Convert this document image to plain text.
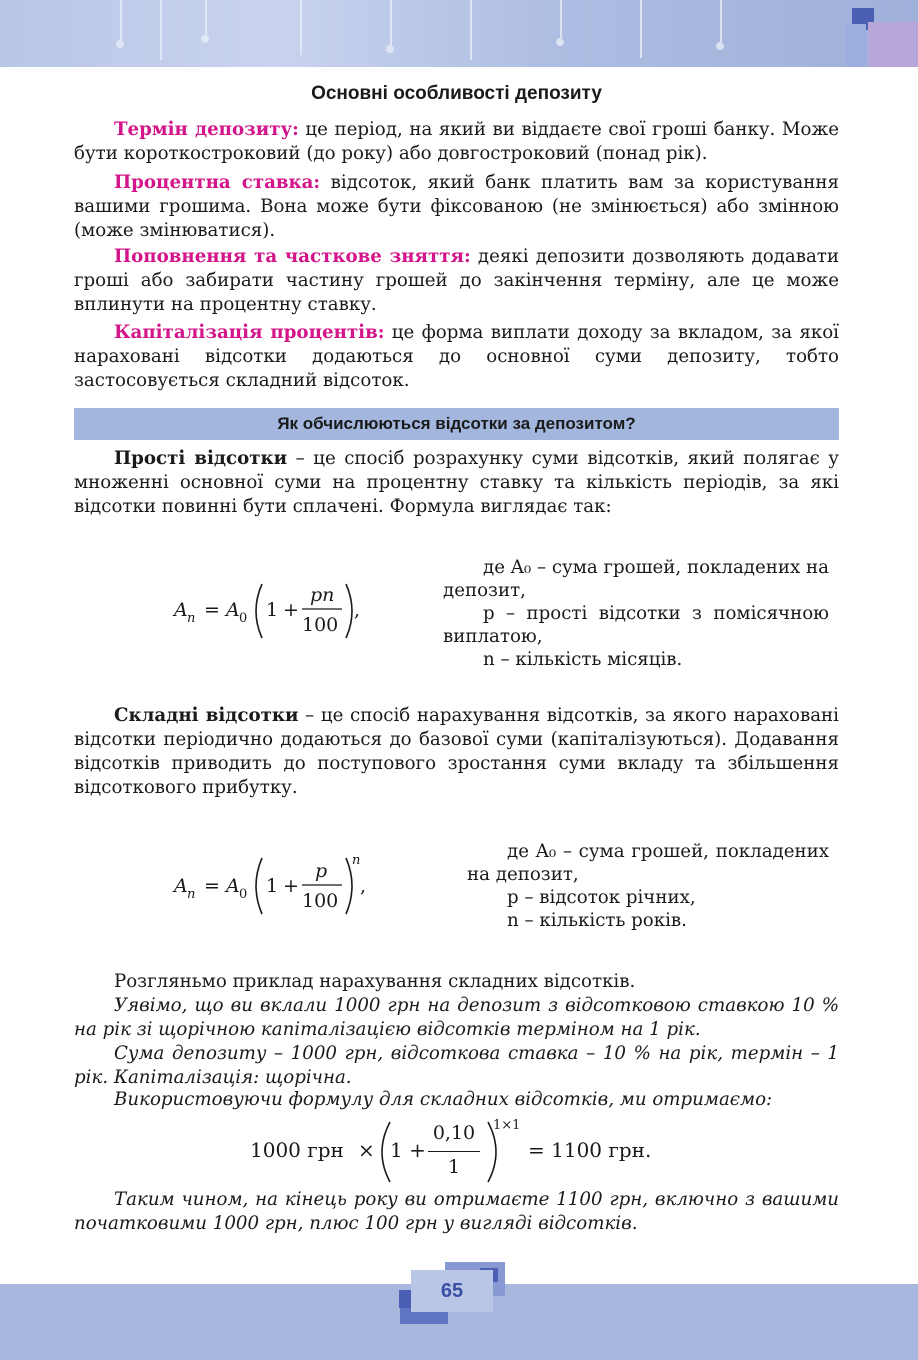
Основні особливості депозиту

Термін депозиту: це період, на який ви віддаєте свої гроші банку. Може бути короткостроковий (до року) або довгостроковий (понад рік).

Процентна ставка: відсоток, який банк платить вам за користування вашими грошима. Вона може бути фіксованою (не змінюється) або змінною (може змінюватися).

Поповнення та часткове зняття: деякі депозити дозволяють додавати гроші або забирати частину грошей до закінчення терміну, але це може вплинути на процентну ставку.

Капіталізація процентів: це форма виплати доходу за вкладом, за якої нараховані відсотки додаються до основної суми депозиту, тобто застосовується складний відсоток.

Як обчислюються відсотки за депозитом?

Прості відсотки – це спосіб розрахунку суми відсотків, який полягає у множенні основної суми на процентну ставку та кількість періодів, за які відсотки повинні бути сплачені. Формула виглядає так:

A n = A 0 1 +
pn
100
,

де A₀ – сума грошей, покладених на депозит,

p – прості відсотки з помісячною виплатою,

n – кількість місяців.

Складні відсотки – це спосіб нарахування відсотків, за якого нараховані відсотки періодично додаються до базової суми (капіталізуються). Додавання відсотків приводить до поступового зростання суми вкладу та збільшення відсоткового прибутку.

A n = A 0 1 +
p
100
n
,

де A₀ – сума грошей, покладених на депозит,

p – відсоток річних,

n – кількість років.

Розгляньмо приклад нарахування складних відсотків.

Уявімо, що ви вклали 1000 грн на депозит з відсотковою ставкою 10 % на рік зі щорічною капіталізацією відсотків терміном на 1 рік.

Сума депозиту – 1000 грн, відсоткова ставка – 10 % на рік, термін – 1 рік. Капіталізація: щорічна.

Використовуючи формулу для складних відсотків, ми отримаємо:

1000 грн × 1 +
0,10
1
1×1
= 1100 грн.

Таким чином, на кінець року ви отримаєте 1100 грн, включно з вашими початковими 1000 грн, плюс 100 грн у вигляді відсотків.

65
